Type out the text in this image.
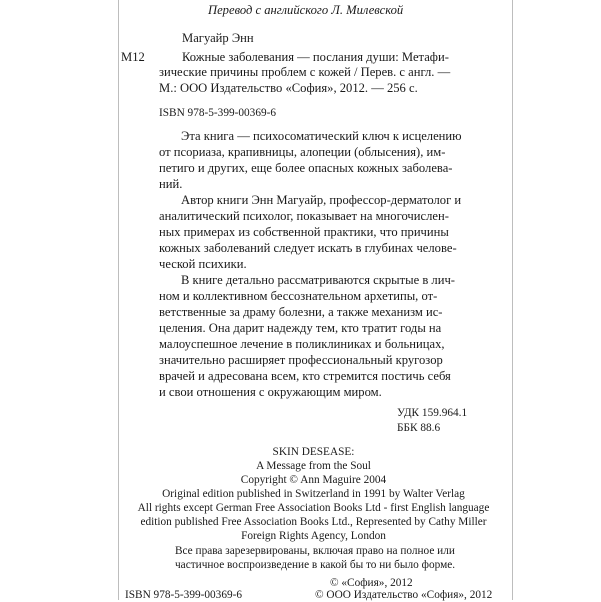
Перевод с английского Л. Милевской
Магуайр Энн
М12	Кожные заболевания — послания души: Метафи-
зические причины проблем с кожей / Перев. с англ. —
М.: ООО Издательство «София», 2012. — 256 с.
ISBN 978-5-399-00369-6
Эта книга — психосоматический ключ к исцелению
от псориаза, крапивницы, алопеции (облысения), им-
петиго и других, еще более опасных кожных заболева-
ний.
Автор книги Энн Магуайр, профессор-дерматолог и
аналитический психолог, показывает на многочислен-
ных примерах из собственной практики, что причины
кожных заболеваний следует искать в глубинах челове-
ческой психики.
В книге детально рассматриваются скрытые в лич-
ном и коллективном бессознательном архетипы, от-
ветственные за драму болезни, а также механизм ис-
целения. Она дарит надежду тем, кто тратит годы на
малоуспешное лечение в поликлиниках и больницах,
значительно расширяет профессиональный кругозор
врачей и адресована всем, кто стремится постичь себя
и свои отношения с окружающим миром.
УДК 159.964.1
ББК 88.6
SKIN DESEASE:
A Message from the Soul
Copyright © Ann Maguire 2004
Original edition published in Switzerland in 1991 by Walter Verlag
All rights except German Free Association Books Ltd - first English language
edition published Free Association Books Ltd., Represented by Cathy Miller
Foreign Rights Agency, London
Все права зарезервированы, включая право на полное или
частичное воспроизведение в какой бы то ни было форме.
© «София», 2012
ISBN 978-5-399-00369-6	© ООО Издательство «София», 2012
